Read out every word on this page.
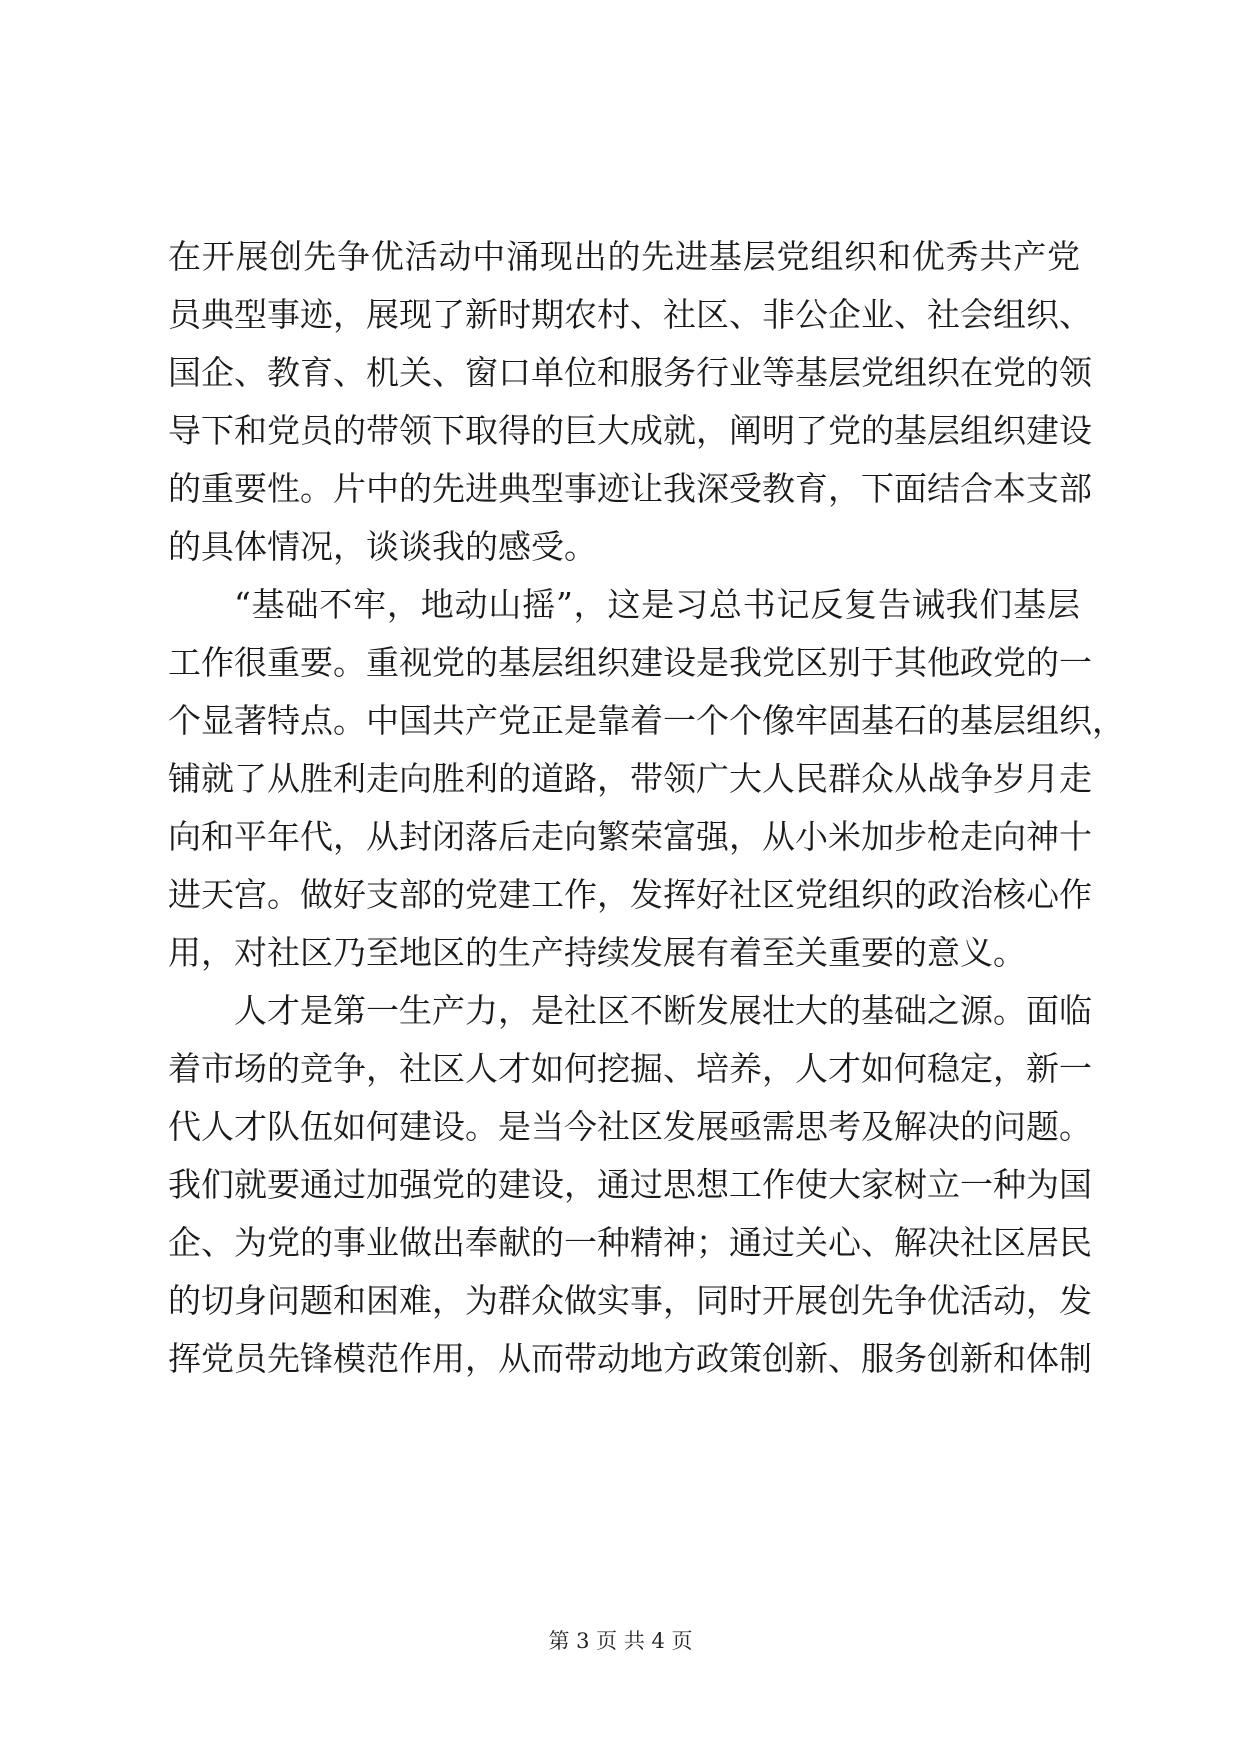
在开展创先争优活动中涌现出的先进基层党组织和优秀共产党
员典型事迹，展现了新时期农村、社区、非公企业、社会组织、
国企、教育、机关、窗口单位和服务行业等基层党组织在党的领
导下和党员的带领下取得的巨大成就，阐明了党的基层组织建设
的重要性。片中的先进典型事迹让我深受教育，下面结合本支部
的具体情况，谈谈我的感受。
“基础不牢，地动山摇”，这是习总书记反复告诫我们基层
工作很重要。重视党的基层组织建设是我党区别于其他政党的一
个显著特点。中国共产党正是靠着一个个像牢固基石的基层组织，
铺就了从胜利走向胜利的道路，带领广大人民群众从战争岁月走
向和平年代，从封闭落后走向繁荣富强，从小米加步枪走向神十
进天宫。做好支部的党建工作，发挥好社区党组织的政治核心作
用，对社区乃至地区的生产持续发展有着至关重要的意义。
人才是第一生产力，是社区不断发展壮大的基础之源。面临
着市场的竞争，社区人才如何挖掘、培养，人才如何稳定，新一
代人才队伍如何建设。是当今社区发展亟需思考及解决的问题。
我们就要通过加强党的建设，通过思想工作使大家树立一种为国
企、为党的事业做出奉献的一种精神；通过关心、解决社区居民
的切身问题和困难，为群众做实事，同时开展创先争优活动，发
挥党员先锋模范作用，从而带动地方政策创新、服务创新和体制
第 3 页 共 4 页
